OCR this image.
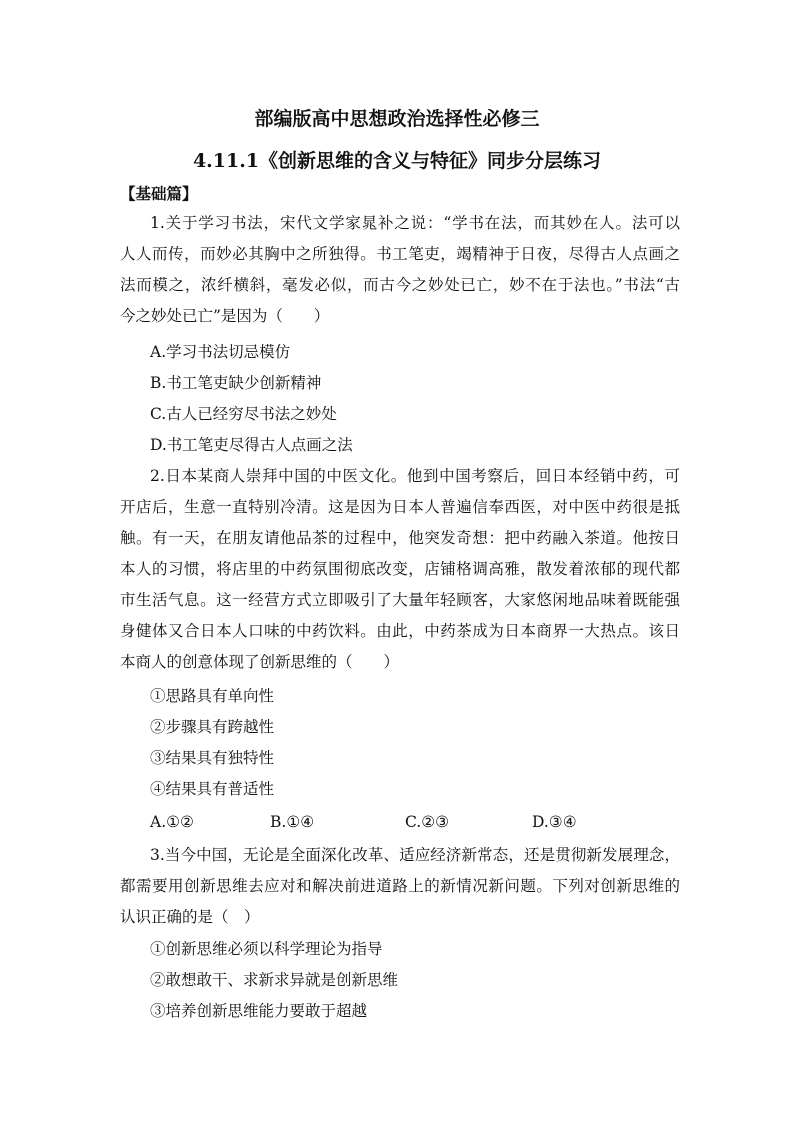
部编版高中思想政治选择性必修三
4.11.1《创新思维的含义与特征》同步分层练习
【基础篇】
1.关于学习书法，宋代文学家晁补之说：“学书在法，而其妙在人。法可以
人人而传，而妙必其胸中之所独得。书工笔吏，竭精神于日夜，尽得古人点画之
法而模之，浓纤横斜，毫发必似，而古今之妙处已亡，妙不在于法也。”书法“古
今之妙处已亡”是因为（　　）
A.学习书法切忌模仿
B.书工笔吏缺少创新精神
C.古人已经穷尽书法之妙处
D.书工笔吏尽得古人点画之法
2.日本某商人崇拜中国的中医文化。他到中国考察后，回日本经销中药，可
开店后，生意一直特别冷清。这是因为日本人普遍信奉西医，对中医中药很是抵
触。有一天，在朋友请他品茶的过程中，他突发奇想：把中药融入茶道。他按日
本人的习惯，将店里的中药氛围彻底改变，店铺格调高雅，散发着浓郁的现代都
市生活气息。这一经营方式立即吸引了大量年轻顾客，大家悠闲地品味着既能强
身健体又合日本人口味的中药饮料。由此，中药茶成为日本商界一大热点。该日
本商人的创意体现了创新思维的（　　）
①思路具有单向性
②步骤具有跨越性
③结果具有独特性
④结果具有普适性
A.①②	B.①④	C.②③	D.③④
3.当今中国，无论是全面深化改革、适应经济新常态，还是贯彻新发展理念，
都需要用创新思维去应对和解决前进道路上的新情况新问题。下列对创新思维的
认识正确的是（　）
①创新思维必须以科学理论为指导
②敢想敢干、求新求异就是创新思维
③培养创新思维能力要敢于超越
